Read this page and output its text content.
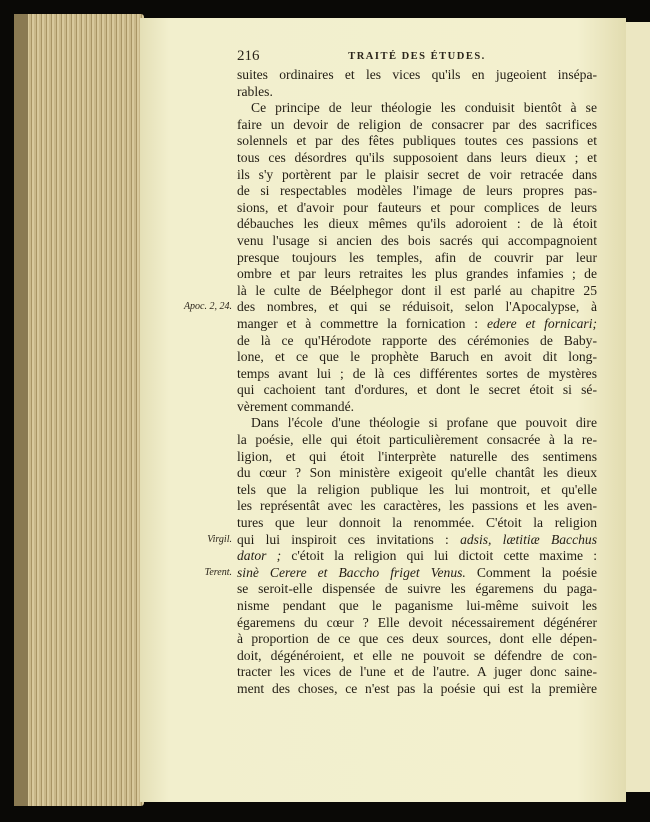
216	TRAITÉ DES ÉTUDES.
suites ordinaires et les vices qu'ils en jugeoient insépa-
rables.
Ce principe de leur théologie les conduisit bientôt à se
faire un devoir de religion de consacrer par des sacrifices
solennels et par des fêtes publiques toutes ces passions et
tous ces désordres qu'ils supposoient dans leurs dieux ; et
ils s'y portèrent par le plaisir secret de voir retracée dans
de si respectables modèles l'image de leurs propres pas-
sions, et d'avoir pour fauteurs et pour complices de leurs
débauches les dieux mêmes qu'ils adoroient : de là étoit
venu l'usage si ancien des bois sacrés qui accompagnoient
presque toujours les temples, afin de couvrir par leur
ombre et par leurs retraites les plus grandes infamies ; de
là le culte de Béelphegor dont il est parlé au chapitre 25
des nombres, et qui se réduisoit, selon l'Apocalypse, à
manger et à commettre la fornication : edere et fornicari;
de là ce qu'Hérodote rapporte des cérémonies de Baby-
lone, et ce que le prophète Baruch en avoit dit long-
temps avant lui ; de là ces différentes sortes de mystères
qui cachoient tant d'ordures, et dont le secret étoit si sé-
vèrement commandé.
Dans l'école d'une théologie si profane que pouvoit dire
la poésie, elle qui étoit particulièrement consacrée à la re-
ligion, et qui étoit l'interprète naturelle des sentimens
du cœur ? Son ministère exigeoit qu'elle chantât les dieux
tels que la religion publique les lui montroit, et qu'elle
les représentât avec les caractères, les passions et les aven-
tures que leur donnoit la renommée. C'étoit la religion
qui lui inspiroit ces invitations : adsis, lætitiæ Bacchus
dator ; c'étoit la religion qui lui dictoit cette maxime :
sinè Cerere et Baccho friget Venus. Comment la poésie
se seroit-elle dispensée de suivre les égaremens du paga-
nisme pendant que le paganisme lui-même suivoit les
égaremens du cœur ? Elle devoit nécessairement dégénérer
à proportion de ce que ces deux sources, dont elle dépen-
doit, dégénéroient, et elle ne pouvoit se défendre de con-
tracter les vices de l'une et de l'autre. A juger donc saine-
ment des choses, ce n'est pas la poésie qui est la première
Apoc. 2, 24.
Virgil.
Terent.
